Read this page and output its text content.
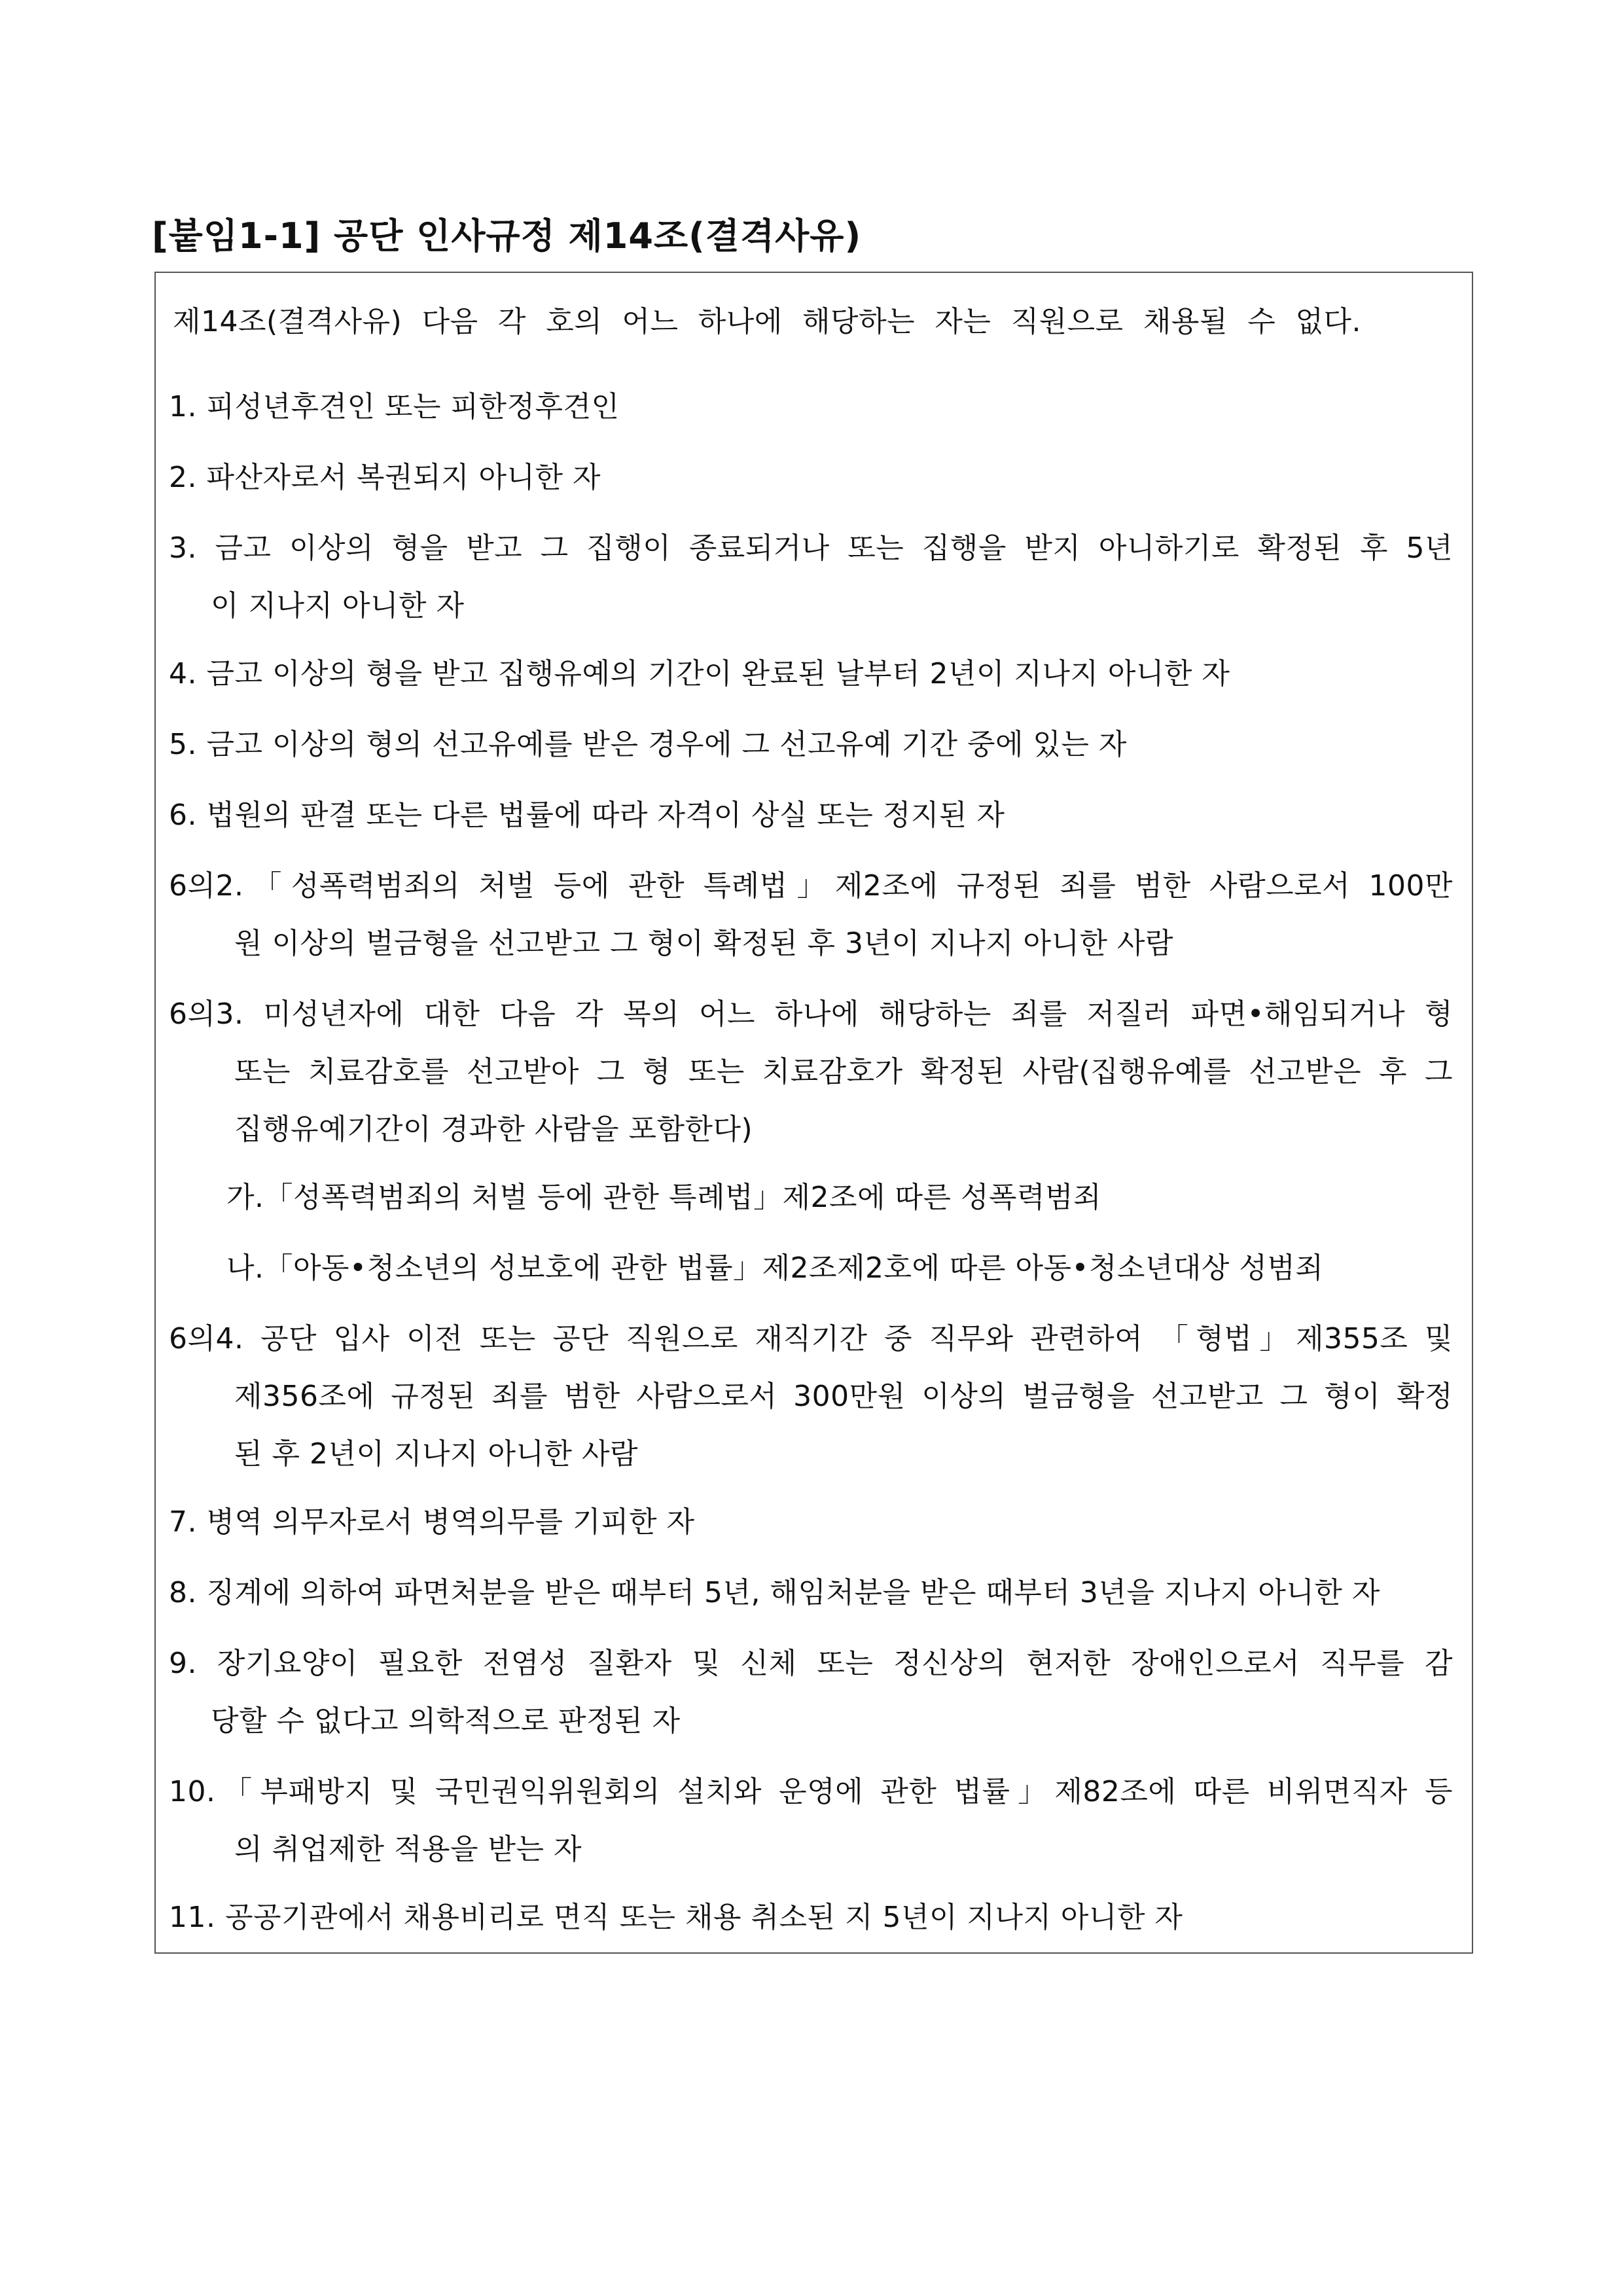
[붙임1-1] 공단 인사규정 제14조(결격사유)
제14조(결격사유) 다음 각 호의 어느 하나에 해당하는 자는 직원으로 채용될 수 없다.
1. 피성년후견인 또는 피한정후견인
2. 파산자로서 복권되지 아니한 자
3. 금고 이상의 형을 받고 그 집행이 종료되거나 또는 집행을 받지 아니하기로 확정된 후 5년
이 지나지 아니한 자
4. 금고 이상의 형을 받고 집행유예의 기간이 완료된 날부터 2년이 지나지 아니한 자
5. 금고 이상의 형의 선고유예를 받은 경우에 그 선고유예 기간 중에 있는 자
6. 법원의 판결 또는 다른 법률에 따라 자격이 상실 또는 정지된 자
6의2.「성폭력범죄의 처벌 등에 관한 특례법」제2조에 규정된 죄를 범한 사람으로서 100만
원 이상의 벌금형을 선고받고 그 형이 확정된 후 3년이 지나지 아니한 사람
6의3. 미성년자에 대한 다음 각 목의 어느 하나에 해당하는 죄를 저질러 파면•해임되거나 형
또는 치료감호를 선고받아 그 형 또는 치료감호가 확정된 사람(집행유예를 선고받은 후 그
집행유예기간이 경과한 사람을 포함한다)
가.「성폭력범죄의 처벌 등에 관한 특례법」제2조에 따른 성폭력범죄
나.「아동•청소년의 성보호에 관한 법률」제2조제2호에 따른 아동•청소년대상 성범죄
6의4. 공단 입사 이전 또는 공단 직원으로 재직기간 중 직무와 관련하여 「형법」제355조 및
제356조에 규정된 죄를 범한 사람으로서 300만원 이상의 벌금형을 선고받고 그 형이 확정
된 후 2년이 지나지 아니한 사람
7. 병역 의무자로서 병역의무를 기피한 자
8. 징계에 의하여 파면처분을 받은 때부터 5년, 해임처분을 받은 때부터 3년을 지나지 아니한 자
9. 장기요양이 필요한 전염성 질환자 및 신체 또는 정신상의 현저한 장애인으로서 직무를 감
당할 수 없다고 의학적으로 판정된 자
10.「부패방지 및 국민권익위원회의 설치와 운영에 관한 법률」제82조에 따른 비위면직자 등
의 취업제한 적용을 받는 자
11. 공공기관에서 채용비리로 면직 또는 채용 취소된 지 5년이 지나지 아니한 자
